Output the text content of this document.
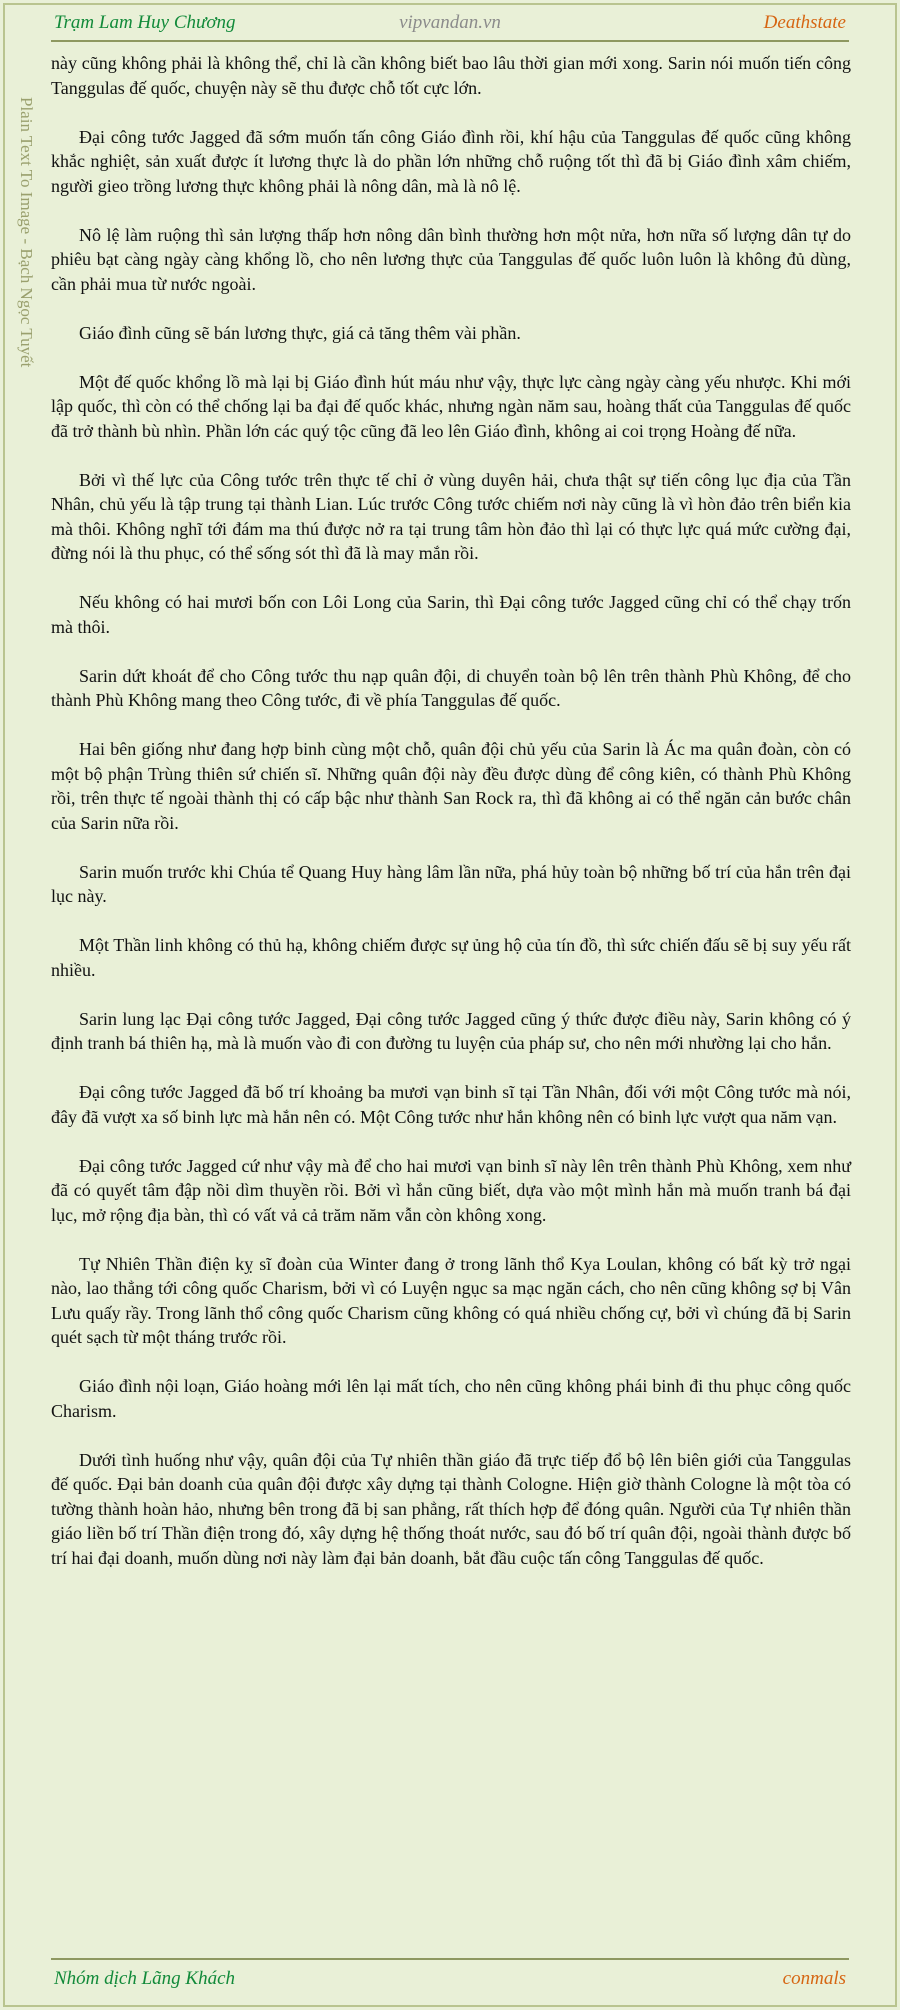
Trạm Lam Huy Chương	vipvandan.vn	Deathstate
Plain Text To Image - Bạch Ngọc Tuyết

này cũng không phải là không thể, chỉ là cần không biết bao lâu thời gian mới xong. Sarin nói muốn tiến công Tanggulas đế quốc, chuyện này sẽ thu được chỗ tốt cực lớn.

Đại công tước Jagged đã sớm muốn tấn công Giáo đình rồi, khí hậu của Tanggulas đế quốc cũng không khắc nghiệt, sản xuất được ít lương thực là do phần lớn những chỗ ruộng tốt thì đã bị Giáo đình xâm chiếm, người gieo trồng lương thực không phải là nông dân, mà là nô lệ.

Nô lệ làm ruộng thì sản lượng thấp hơn nông dân bình thường hơn một nửa, hơn nữa số lượng dân tự do phiêu bạt càng ngày càng khổng lồ, cho nên lương thực của Tanggulas đế quốc luôn luôn là không đủ dùng, cần phải mua từ nước ngoài.

Giáo đình cũng sẽ bán lương thực, giá cả tăng thêm vài phần.

Một đế quốc khổng lồ mà lại bị Giáo đình hút máu như vậy, thực lực càng ngày càng yếu nhược. Khi mới lập quốc, thì còn có thể chống lại ba đại đế quốc khác, nhưng ngàn năm sau, hoàng thất của Tanggulas đế quốc đã trở thành bù nhìn. Phần lớn các quý tộc cũng đã leo lên Giáo đình, không ai coi trọng Hoàng đế nữa.

Bởi vì thế lực của Công tước trên thực tế chỉ ở vùng duyên hải, chưa thật sự tiến công lục địa của Tần Nhân, chủ yếu là tập trung tại thành Lian. Lúc trước Công tước chiếm nơi này cũng là vì hòn đảo trên biển kia mà thôi. Không nghĩ tới đám ma thú được nở ra tại trung tâm hòn đảo thì lại có thực lực quá mức cường đại, đừng nói là thu phục, có thể sống sót thì đã là may mắn rồi.

Nếu không có hai mươi bốn con Lôi Long của Sarin, thì Đại công tước Jagged cũng chỉ có thể chạy trốn mà thôi.

Sarin dứt khoát để cho Công tước thu nạp quân đội, di chuyển toàn bộ lên trên thành Phù Không, để cho thành Phù Không mang theo Công tước, đi về phía Tanggulas đế quốc.

Hai bên giống như đang hợp binh cùng một chỗ, quân đội chủ yếu của Sarin là Ác ma quân đoàn, còn có một bộ phận Trùng thiên sứ chiến sĩ. Những quân đội này đều được dùng để công kiên, có thành Phù Không rồi, trên thực tế ngoài thành thị có cấp bậc như thành San Rock ra, thì đã không ai có thể ngăn cản bước chân của Sarin nữa rồi.

Sarin muốn trước khi Chúa tể Quang Huy hàng lâm lần nữa, phá hủy toàn bộ những bố trí của hắn trên đại lục này.

Một Thần linh không có thủ hạ, không chiếm được sự ủng hộ của tín đồ, thì sức chiến đấu sẽ bị suy yếu rất nhiều.

Sarin lung lạc Đại công tước Jagged, Đại công tước Jagged cũng ý thức được điều này, Sarin không có ý định tranh bá thiên hạ, mà là muốn vào đi con đường tu luyện của pháp sư, cho nên mới nhường lại cho hắn.

Đại công tước Jagged đã bố trí khoảng ba mươi vạn binh sĩ tại Tần Nhân, đối với một Công tước mà nói, đây đã vượt xa số binh lực mà hắn nên có. Một Công tước như hắn không nên có binh lực vượt qua năm vạn.

Đại công tước Jagged cứ như vậy mà để cho hai mươi vạn binh sĩ này lên trên thành Phù Không, xem như đã có quyết tâm đập nồi dìm thuyền rồi. Bởi vì hắn cũng biết, dựa vào một mình hắn mà muốn tranh bá đại lục, mở rộng địa bàn, thì có vất vả cả trăm năm vẫn còn không xong.

Tự Nhiên Thần điện kỵ sĩ đoàn của Winter đang ở trong lãnh thổ Kya Loulan, không có bất kỳ trở ngại nào, lao thẳng tới công quốc Charism, bởi vì có Luyện ngục sa mạc ngăn cách, cho nên cũng không sợ bị Vân Lưu quấy rầy. Trong lãnh thổ công quốc Charism cũng không có quá nhiều chống cự, bởi vì chúng đã bị Sarin quét sạch từ một tháng trước rồi.

Giáo đình nội loạn, Giáo hoàng mới lên lại mất tích, cho nên cũng không phái binh đi thu phục công quốc Charism.

Dưới tình huống như vậy, quân đội của Tự nhiên thần giáo đã trực tiếp đổ bộ lên biên giới của Tanggulas đế quốc. Đại bản doanh của quân đội được xây dựng tại thành Cologne. Hiện giờ thành Cologne là một tòa có tường thành hoàn hảo, nhưng bên trong đã bị san phẳng, rất thích hợp để đóng quân. Người của Tự nhiên thần giáo liền bố trí Thần điện trong đó, xây dựng hệ thống thoát nước, sau đó bố trí quân đội, ngoài thành được bố trí hai đại doanh, muốn dùng nơi này làm đại bản doanh, bắt đầu cuộc tấn công Tanggulas đế quốc.

Nhóm dịch Lãng Khách	conmals
